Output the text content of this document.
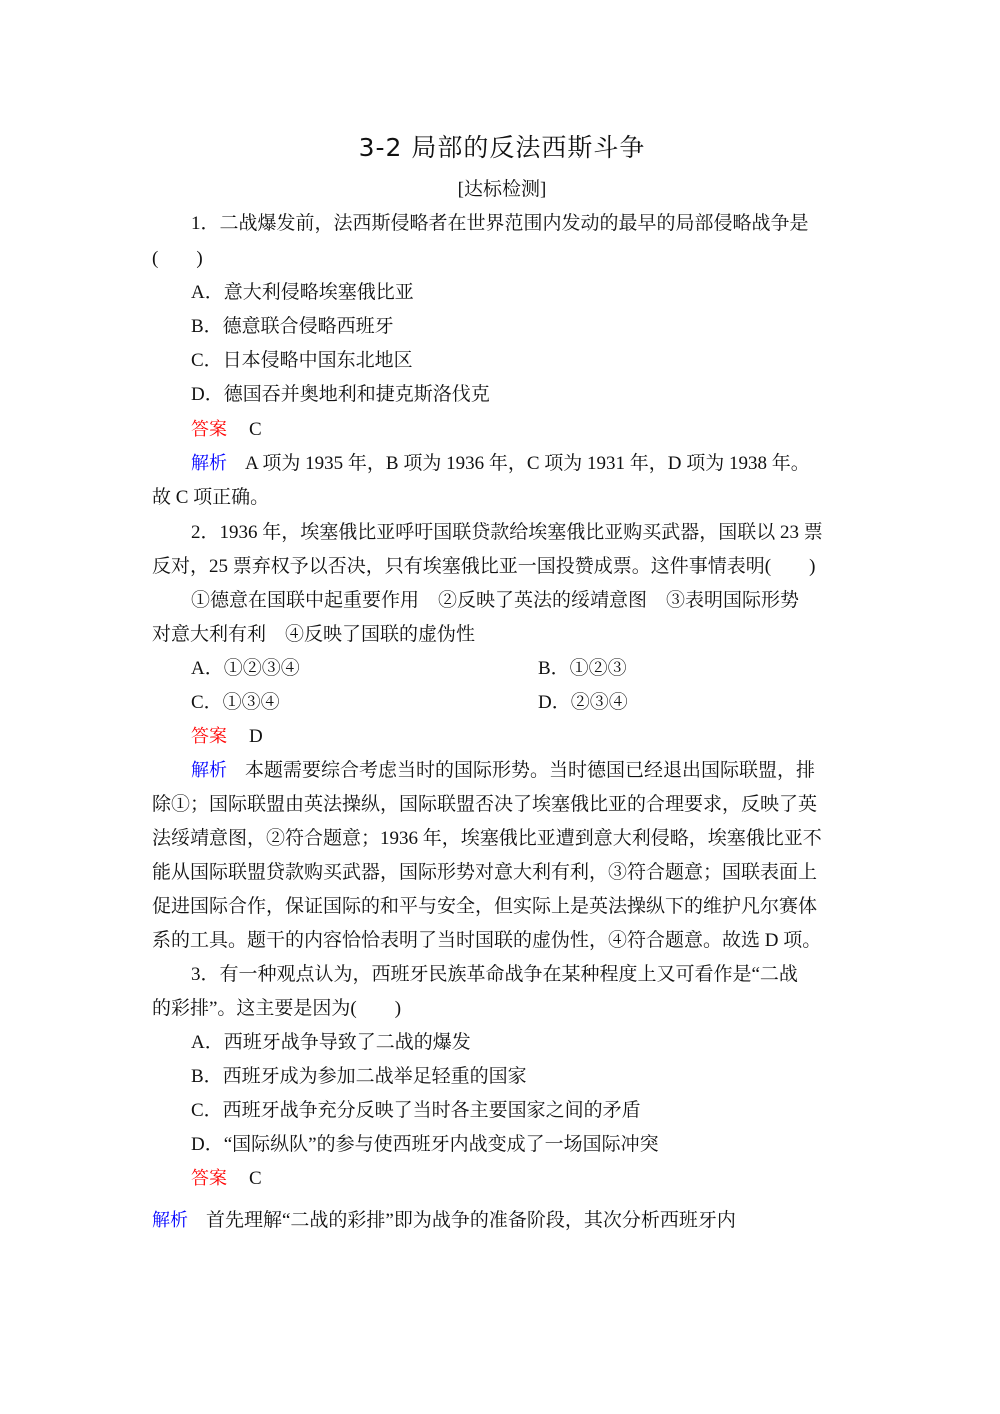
3-2 局部的反法西斯斗争
[达标检测]
1．二战爆发前，法西斯侵略者在世界范围内发动的最早的局部侵略战争是
(　　)
A．意大利侵略埃塞俄比亚
B．德意联合侵略西班牙
C．日本侵略中国东北地区
D．德国吞并奥地利和捷克斯洛伐克
答案 C
解析 A 项为 1935 年，B 项为 1936 年，C 项为 1931 年，D 项为 1938 年。
故 C 项正确。
2．1936 年，埃塞俄比亚呼吁国联贷款给埃塞俄比亚购买武器，国联以 23 票
反对，25 票弃权予以否决，只有埃塞俄比亚一国投赞成票。这件事情表明(　　)
①德意在国联中起重要作用　②反映了英法的绥靖意图　③表明国际形势
对意大利有利　④反映了国联的虚伪性
A．①②③④	B．①②③
C．①③④	D．②③④
答案 D
解析 本题需要综合考虑当时的国际形势。当时德国已经退出国际联盟，排
除①；国际联盟由英法操纵，国际联盟否决了埃塞俄比亚的合理要求，反映了英
法绥靖意图，②符合题意；1936 年，埃塞俄比亚遭到意大利侵略，埃塞俄比亚不
能从国际联盟贷款购买武器，国际形势对意大利有利，③符合题意；国联表面上
促进国际合作，保证国际的和平与安全，但实际上是英法操纵下的维护凡尔赛体
系的工具。题干的内容恰恰表明了当时国联的虚伪性，④符合题意。故选 D 项。
3．有一种观点认为，西班牙民族革命战争在某种程度上又可看作是“二战
的彩排”。这主要是因为(　　)
A．西班牙战争导致了二战的爆发
B．西班牙成为参加二战举足轻重的国家
C．西班牙战争充分反映了当时各主要国家之间的矛盾
D．“国际纵队”的参与使西班牙内战变成了一场国际冲突
答案 C
解析 首先理解“二战的彩排”即为战争的准备阶段，其次分析西班牙内
